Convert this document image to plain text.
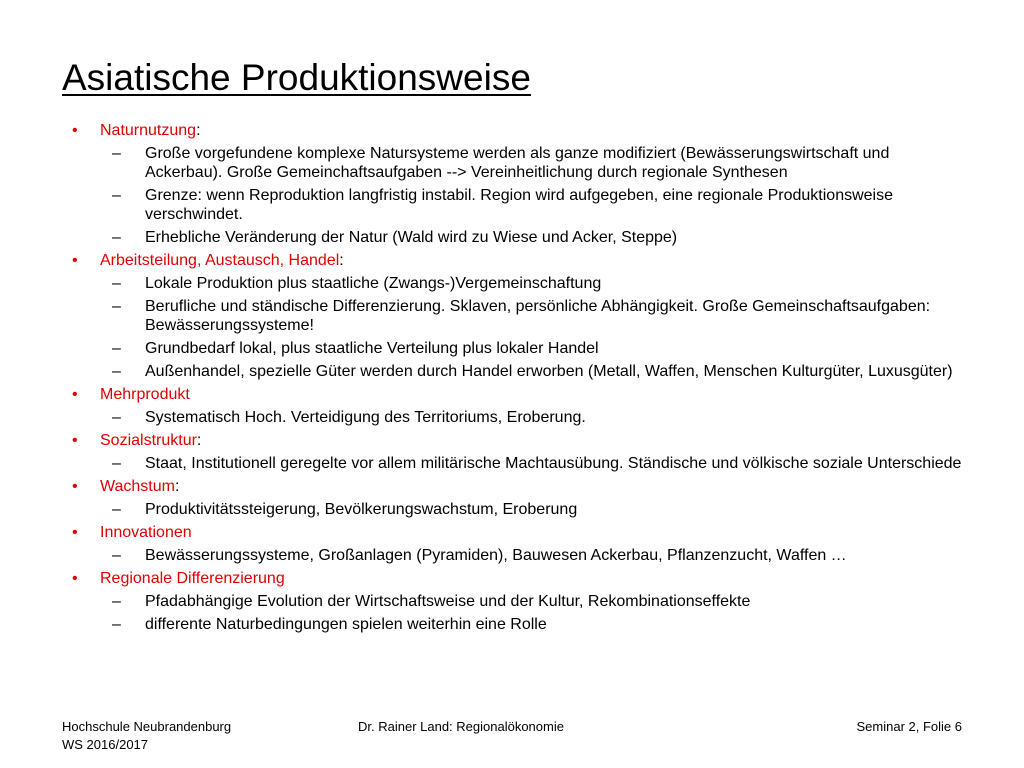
Asiatische Produktionsweise
• Naturnutzung:
– Große vorgefundene komplexe Natursysteme werden als ganze modifiziert (Bewässerungswirtschaft und Ackerbau). Große Gemeinchaftsaufgaben --> Vereinheitlichung durch regionale Synthesen
– Grenze: wenn Reproduktion langfristig instabil. Region wird aufgegeben, eine regionale Produktionsweise verschwindet.
– Erhebliche Veränderung der Natur (Wald wird zu Wiese und Acker, Steppe)
• Arbeitsteilung, Austausch, Handel:
– Lokale Produktion plus staatliche (Zwangs-)Vergemeinschaftung
– Berufliche und ständische Differenzierung. Sklaven, persönliche Abhängigkeit. Große Gemeinschaftsaufgaben: Bewässerungssysteme!
– Grundbedarf lokal, plus staatliche Verteilung plus lokaler Handel
– Außenhandel, spezielle Güter werden durch Handel erworben (Metall, Waffen, Menschen Kulturgüter, Luxusgüter)
• Mehrprodukt
– Systematisch Hoch. Verteidigung des Territoriums, Eroberung.
• Sozialstruktur:
– Staat, Institutionell geregelte vor allem militärische Machtausübung. Ständische und völkische soziale Unterschiede
• Wachstum:
– Produktivitätssteigerung, Bevölkerungswachstum, Eroberung
• Innovationen
– Bewässerungssysteme, Großanlagen (Pyramiden), Bauwesen Ackerbau, Pflanzenzucht, Waffen …
• Regionale Differenzierung
– Pfadabhängige Evolution der Wirtschaftsweise und der Kultur, Rekombinationseffekte
– differente Naturbedingungen spielen weiterhin eine Rolle
Hochschule Neubrandenburg
WS 2016/2017
Dr. Rainer Land: Regionalökonomie	Seminar 2, Folie 6
